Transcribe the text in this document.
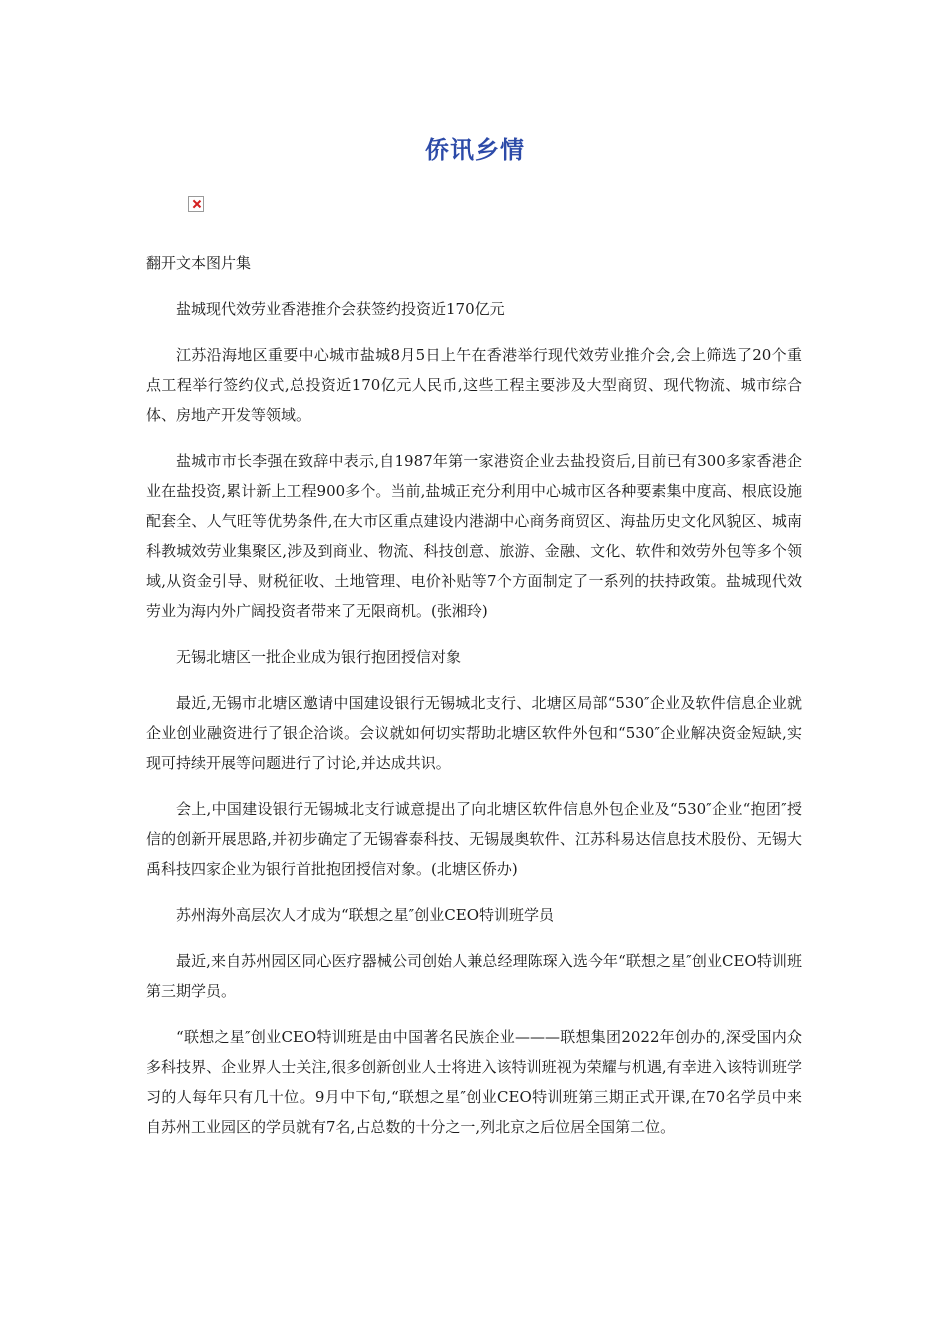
侨讯乡情

翻开文本图片集

盐城现代效劳业香港推介会获签约投资近170亿元

江苏沿海地区重要中心城市盐城8月5日上午在香港举行现代效劳业推介会,会上筛选了20个重点工程举行签约仪式,总投资近170亿元人民币,这些工程主要涉及大型商贸、现代物流、城市综合体、房地产开发等领域。

盐城市市长李强在致辞中表示,自1987年第一家港资企业去盐投资后,目前已有300多家香港企业在盐投资,累计新上工程900多个。当前,盐城正充分利用中心城市区各种要素集中度高、根底设施配套全、人气旺等优势条件,在大市区重点建设内港湖中心商务商贸区、海盐历史文化风貌区、城南科教城效劳业集聚区,涉及到商业、物流、科技创意、旅游、金融、文化、软件和效劳外包等多个领域,从资金引导、财税征收、土地管理、电价补贴等7个方面制定了一系列的扶持政策。盐城现代效劳业为海内外广阔投资者带来了无限商机。(张湘玲)

无锡北塘区一批企业成为银行抱团授信对象

最近,无锡市北塘区邀请中国建设银行无锡城北支行、北塘区局部“530″企业及软件信息企业就企业创业融资进行了银企洽谈。会议就如何切实帮助北塘区软件外包和“530″企业解决资金短缺,实现可持续开展等问题进行了讨论,并达成共识。

会上,中国建设银行无锡城北支行诚意提出了向北塘区软件信息外包企业及“530″企业“抱团″授信的创新开展思路,并初步确定了无锡睿泰科技、无锡晟奥软件、江苏科易达信息技术股份、无锡大禹科技四家企业为银行首批抱团授信对象。(北塘区侨办)

苏州海外高层次人才成为“联想之星″创业CEO特训班学员

最近,来自苏州园区同心医疗器械公司创始人兼总经理陈琛入选今年“联想之星″创业CEO特训班第三期学员。

“联想之星″创业CEO特训班是由中国著名民族企业———联想集团2022年创办的,深受国内众多科技界、企业界人士关注,很多创新创业人士将进入该特训班视为荣耀与机遇,有幸进入该特训班学习的人每年只有几十位。9月中下旬,“联想之星″创业CEO特训班第三期正式开课,在70名学员中来自苏州工业园区的学员就有7名,占总数的十分之一,列北京之后位居全国第二位。
